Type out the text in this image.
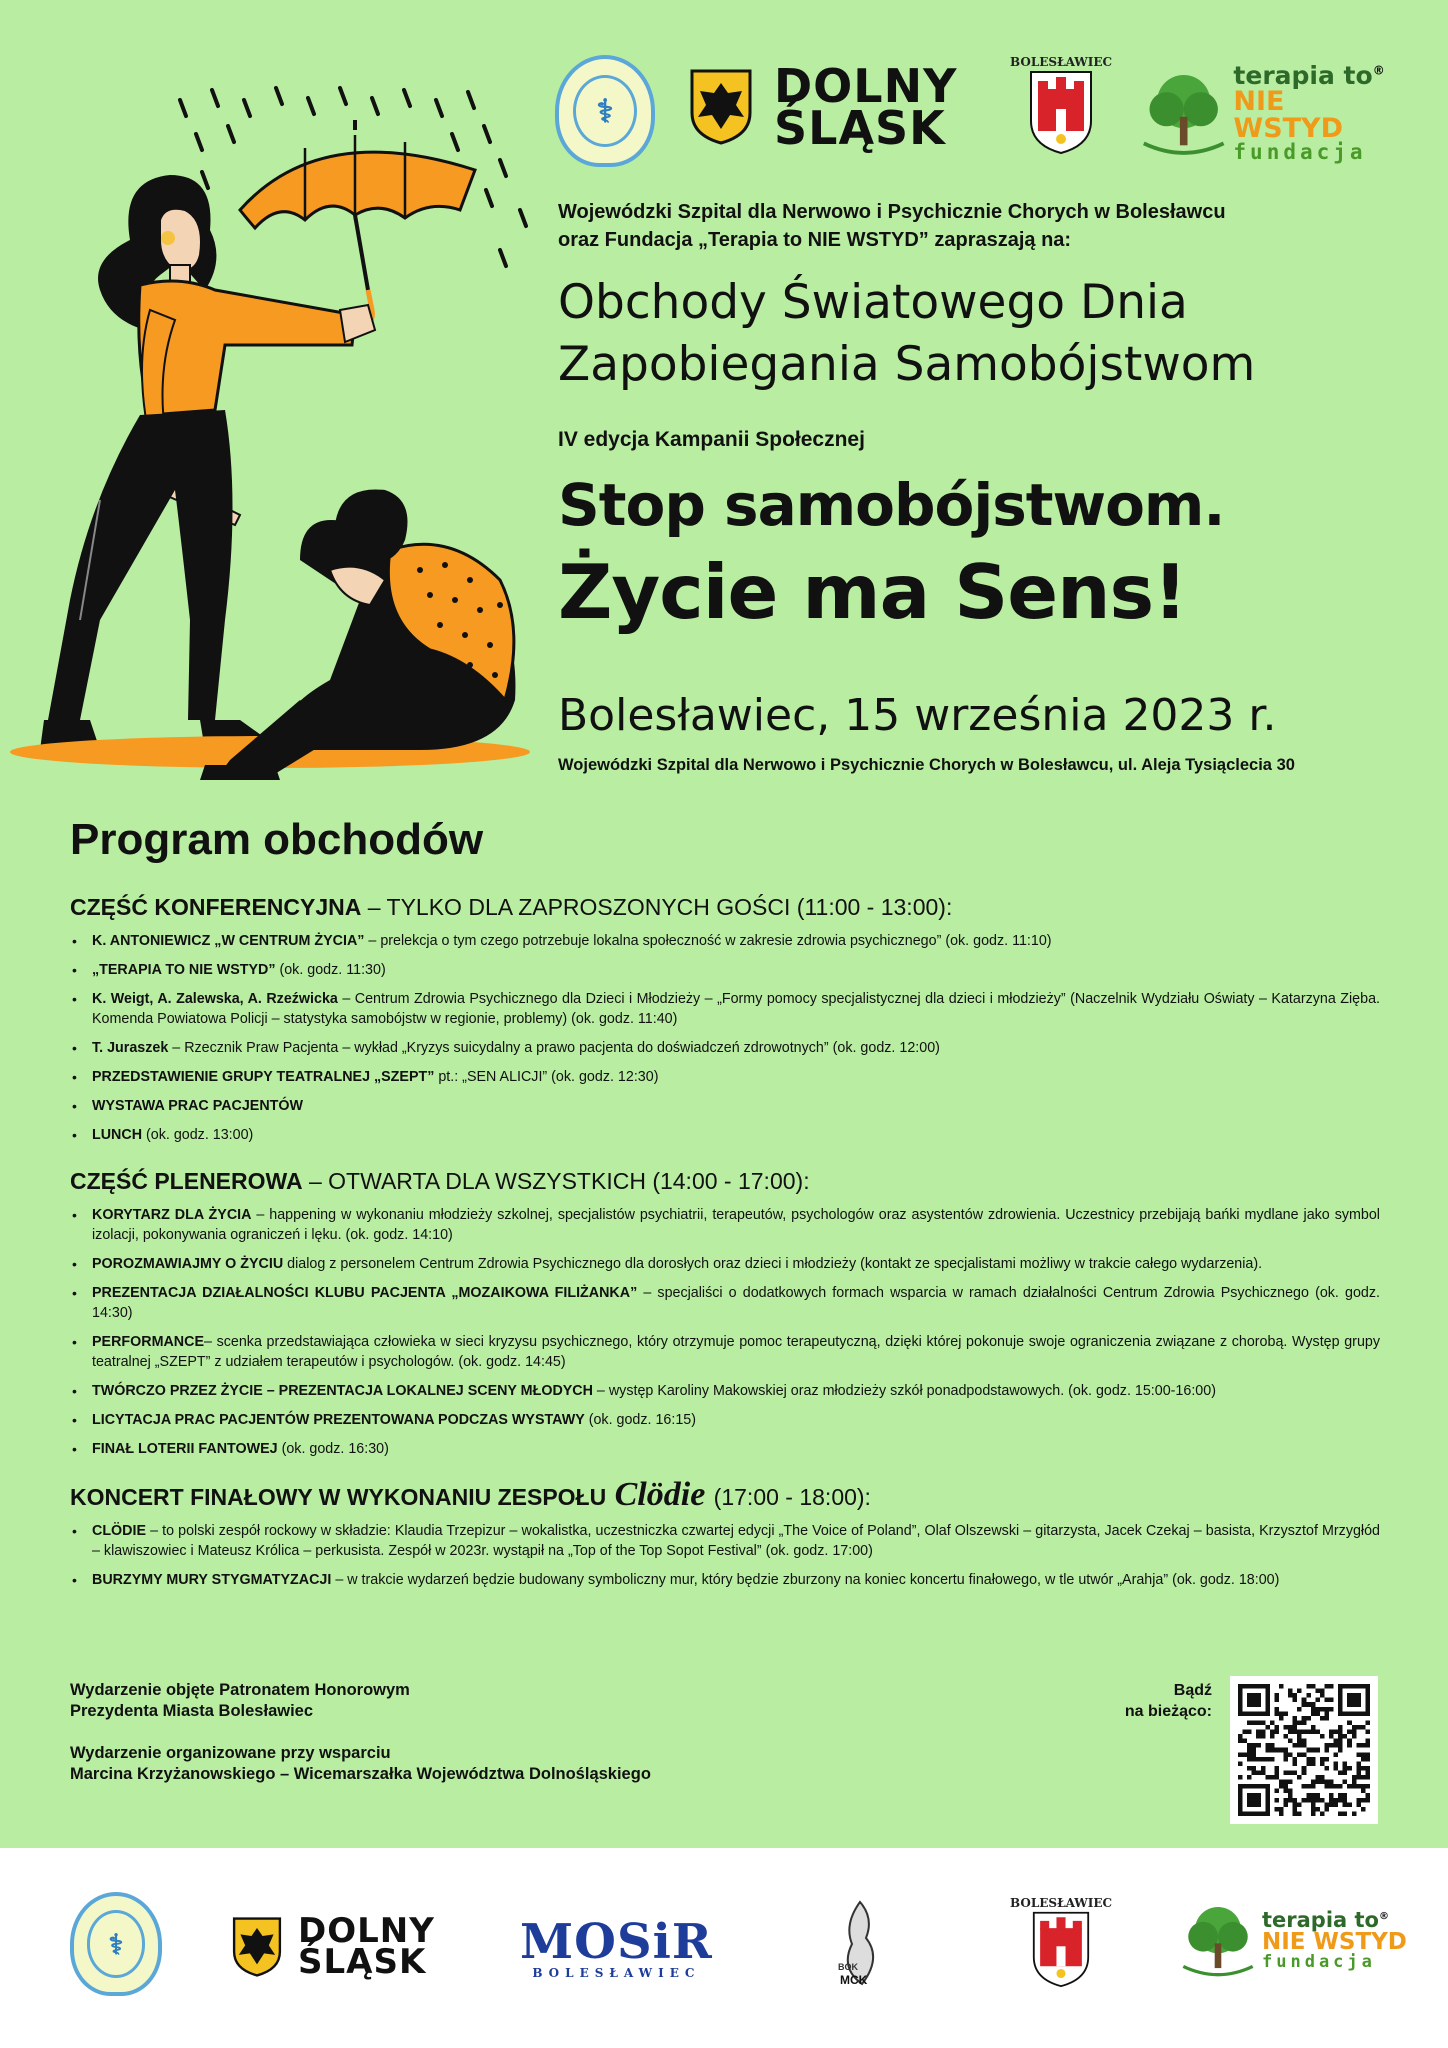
⚕	DOLNY
ŚLĄSK
BOLESŁAWIEC	terapia to®
NIE WSTYD
fundacja
Wojewódzki Szpital dla Nerwowo i Psychicznie Chorych w Bolesławcu
oraz Fundacja „Terapia to NIE WSTYD” zapraszają na:
Obchody Światowego Dnia
Zapobiegania Samobójstwom
IV edycja Kampanii Społecznej
Stop samobójstwom.
Życie ma Sens!
Bolesławiec, 15 września 2023 r.
Wojewódzki Szpital dla Nerwowo i Psychicznie Chorych w Bolesławcu, ul. Aleja Tysiąclecia 30
Program obchodów
CZĘŚĆ KONFERENCYJNA – TYLKO DLA ZAPROSZONYCH GOŚCI (11:00 - 13:00):
• K. ANTONIEWICZ „W CENTRUM ŻYCIA” – prelekcja o tym czego potrzebuje lokalna społeczność w zakresie zdrowia psychicznego” (ok. godz. 11:10)
• „TERAPIA TO NIE WSTYD” (ok. godz. 11:30)
• K. Weigt, A. Zalewska, A. Rzeźwicka – Centrum Zdrowia Psychicznego dla Dzieci i Młodzieży – „Formy pomocy specjalistycznej dla dzieci i młodzieży” (Naczelnik Wydziału Oświaty – Katarzyna Zięba. Komenda Powiatowa Policji – statystyka samobójstw w regionie, problemy) (ok. godz. 11:40)
• T. Juraszek – Rzecznik Praw Pacjenta – wykład „Kryzys suicydalny a prawo pacjenta do doświadczeń zdrowotnych” (ok. godz. 12:00)
• PRZEDSTAWIENIE GRUPY TEATRALNEJ „SZEPT” pt.: „SEN ALICJI” (ok. godz. 12:30)
• WYSTAWA PRAC PACJENTÓW
• LUNCH (ok. godz. 13:00)
CZĘŚĆ PLENEROWA – OTWARTA DLA WSZYSTKICH (14:00 - 17:00):
• KORYTARZ DLA ŻYCIA – happening w wykonaniu młodzieży szkolnej, specjalistów psychiatrii, terapeutów, psychologów oraz asystentów zdrowienia. Uczestnicy przebijają bańki mydlane jako symbol izolacji, pokonywania ograniczeń i lęku. (ok. godz. 14:10)
• POROZMAWIAJMY O ŻYCIU dialog z personelem Centrum Zdrowia Psychicznego dla dorosłych oraz dzieci i młodzieży (kontakt ze specjalistami możliwy w trakcie całego wydarzenia).
• PREZENTACJA DZIAŁALNOŚCI KLUBU PACJENTA „MOZAIKOWA FILIŻANKA” – specjaliści o dodatkowych formach wsparcia w ramach działalności Centrum Zdrowia Psychicznego (ok. godz. 14:30)
• PERFORMANCE– scenka przedstawiająca człowieka w sieci kryzysu psychicznego, który otrzymuje pomoc terapeutyczną, dzięki której pokonuje swoje ograniczenia związane z chorobą. Występ grupy teatralnej „SZEPT” z udziałem terapeutów i psychologów. (ok. godz. 14:45)
• TWÓRCZO PRZEZ ŻYCIE – PREZENTACJA LOKALNEJ SCENY MŁODYCH – występ Karoliny Makowskiej oraz młodzieży szkół ponadpodstawowych. (ok. godz. 15:00-16:00)
• LICYTACJA PRAC PACJENTÓW PREZENTOWANA PODCZAS WYSTAWY (ok. godz. 16:15)
• FINAŁ LOTERII FANTOWEJ (ok. godz. 16:30)
KONCERT FINAŁOWY W WYKONANIU ZESPOŁU Clödie (17:00 - 18:00):
• CLÖDIE – to polski zespół rockowy w składzie: Klaudia Trzepizur – wokalistka, uczestniczka czwartej edycji „The Voice of Poland”, Olaf Olszewski – gitarzysta, Jacek Czekaj – basista, Krzysztof Mrzygłód – klawiszowiec i Mateusz Królica – perkusista. Zespół w 2023r. wystąpił na „Top of the Top Sopot Festival” (ok. godz. 17:00)
• BURZYMY MURY STYGMATYZACJI – w trakcie wydarzeń będzie budowany symboliczny mur, który będzie zburzony na koniec koncertu finałowego, w tle utwór „Arahja” (ok. godz. 18:00)
Wydarzenie objęte Patronatem Honorowym
Prezydenta Miasta Bolesławiec
Wydarzenie organizowane przy wsparciu
Marcina Krzyżanowskiego – Wicemarszałka Województwa Dolnośląskiego
Bądź
na bieżąco:
⚕	DOLNY
ŚLĄSK MOSiR
BOLESŁAWIEC	BOK
MCK
BOLESŁAWIEC
terapia to®
NIE WSTYD
fundacja
